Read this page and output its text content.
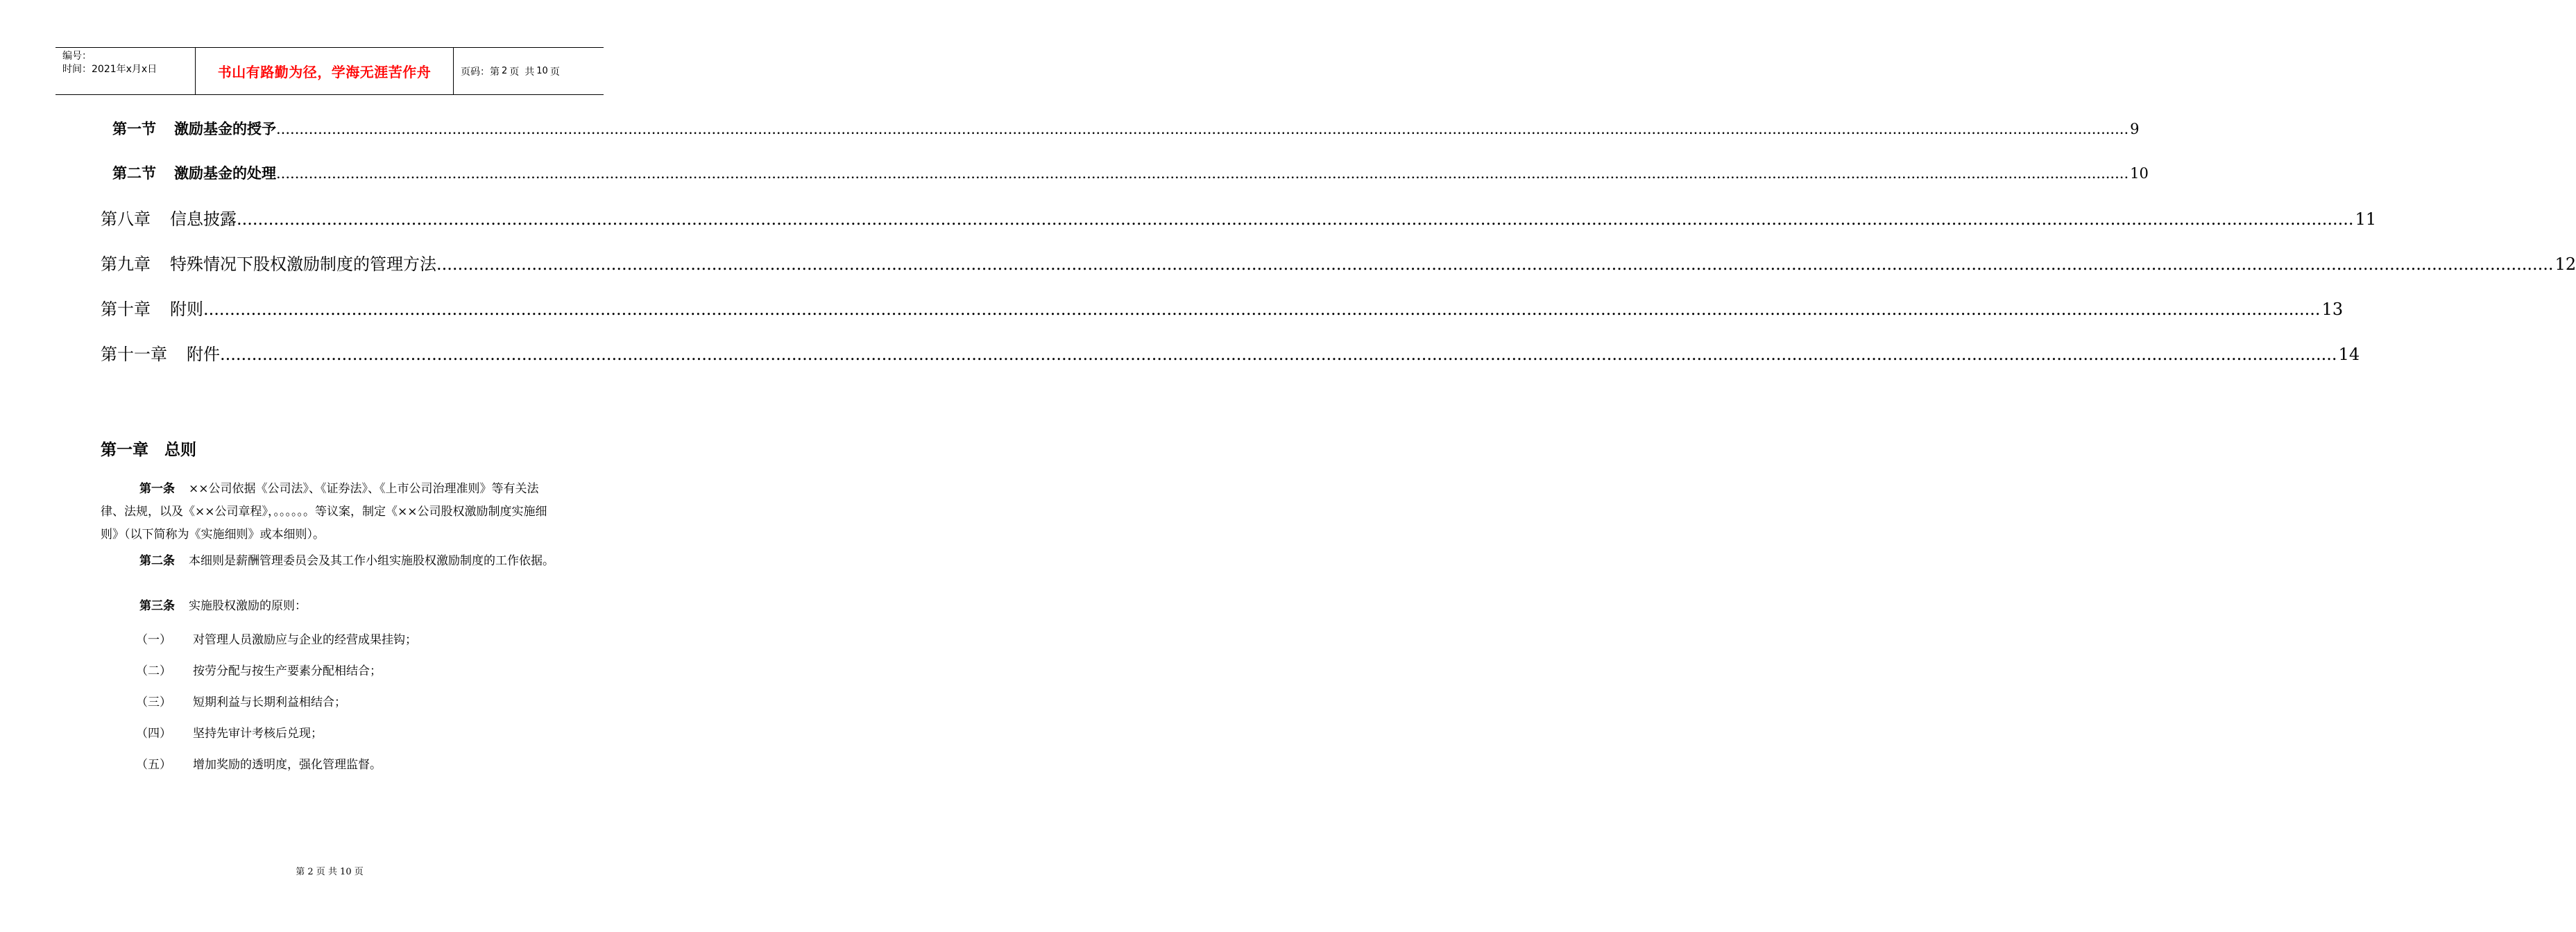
编号：
时间：2021年x月x日	书山有路勤为径，学海无涯苦作舟	页码：第 2 页 共 10 页
第一节 激励基金的授予 ................................................................................................................................................................................................................................................................................................................................................................................................................ 9
第二节 激励基金的处理 ................................................................................................................................................................................................................................................................................................................................................................................................................ 10
第八章 信息披露 ................................................................................................................................................................................................................................................................................................................................................................................................................ 11
第九章 特殊情况下股权激励制度的管理方法 ................................................................................................................................................................................................................................................................................................................................................................................................................ 12
第十章 附则 ................................................................................................................................................................................................................................................................................................................................................................................................................ 13
第十一章 附件 ................................................................................................................................................................................................................................................................................................................................................................................................................ 14
第一章　总则
第一条 ××公司依据《公司法》、《证券法》、《上市公司治理准则》等有关法律、法规，以及《××公司章程》，。。。。。。等议案，制定《××公司股权激励制度实施细则》（以下简称为《实施细则》或本细则）。
第二条 本细则是薪酬管理委员会及其工作小组实施股权激励制度的工作依据。
第三条 实施股权激励的原则：
（一） 对管理人员激励应与企业的经营成果挂钩；
（二） 按劳分配与按生产要素分配相结合；
（三） 短期利益与长期利益相结合；
（四） 坚持先审计考核后兑现；
（五） 增加奖励的透明度，强化管理监督。
第 2 页 共 10 页
